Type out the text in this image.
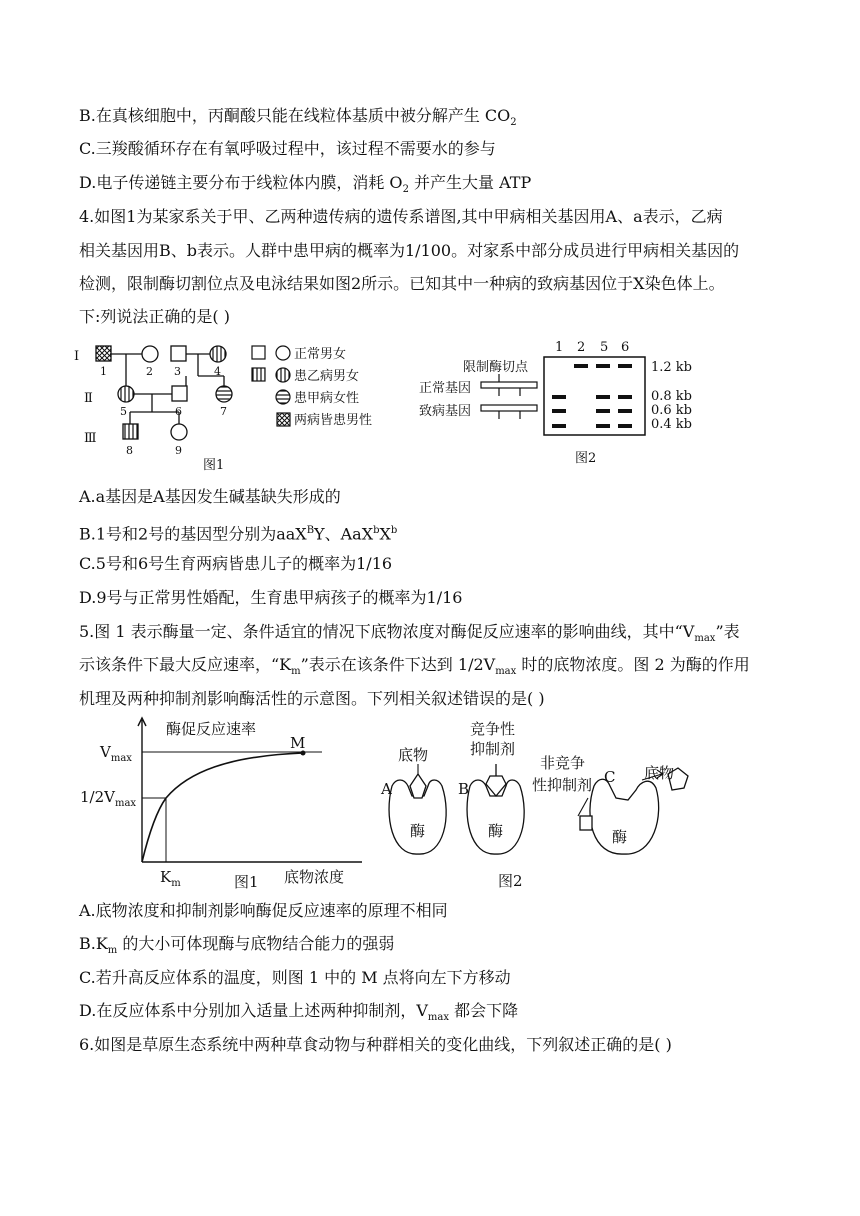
B.在真核细胞中，丙酮酸只能在线粒体基质中被分解产生 $CO_2$
C.三羧酸循环存在有氧呼吸过程中，该过程不需要水的参与
D.电子传递链主要分布于线粒体内膜，消耗 $O_2$ 并产生大量 ATP
4.如图1为某家系关于甲、乙两种遗传病的遗传系谱图,其中甲病相关基因用A、a表示，乙病
相关基因用B、b表示。人群中患甲病的概率为1/100。对家系中部分成员进行甲病相关基因的
检测，限制酶切割位点及电泳结果如图2所示。已知其中一种病的致病基因位于X染色体上。
下:列说法正确的是( )
Ⅰ
Ⅱ
Ⅲ
1	2 3	4
5	6	7
8	9
正常男女
患乙病男女
患甲病女性
两病皆患男性
图1
1 2 5 6
限制酶切点
正常基因
致病基因
1.2 kb
0.8 kb
0.6 kb
0.4 kb
图2
A.a基因是A基因发生碱基缺失形成的
B.1号和2号的基因型分别为aaX$^B$Y、$AaX^bX^b$
C.5号和6号生育两病皆患儿子的概率为1/16
D.9号与正常男性婚配，生育患甲病孩子的概率为1/16
5.图 1 表示酶量一定、条件适宜的情况下底物浓度对酶促反应速率的影响曲线，其中“$V_{max}$”表
示该条件下最大反应速率，“$K_m$”表示在该条件下达到 $1/2V_{max}$ 时的底物浓度。图 2 为酶的作用
机理及两种抑制剂影响酶活性的示意图。下列相关叙述错误的是( )
酶促反应速率
M
$V_{max}$
$1/2V_{max}$
$K_m$	底物浓度
图1
底物
A
酶
竞争性
抑制剂
B
酶
非竞争
性抑制剂 C 底物
酶
图2
A.底物浓度和抑制剂影响酶促反应速率的原理不相同
$B.K_m$ 的大小可体现酶与底物结合能力的强弱
C.若升高反应体系的温度，则图 1 中的 M 点将向左下方移动
D.在反应体系中分别加入适量上述两种抑制剂，$V_{max}$ 都会下降
6.如图是草原生态系统中两种草食动物与种群相关的变化曲线，下列叙述正确的是( )
